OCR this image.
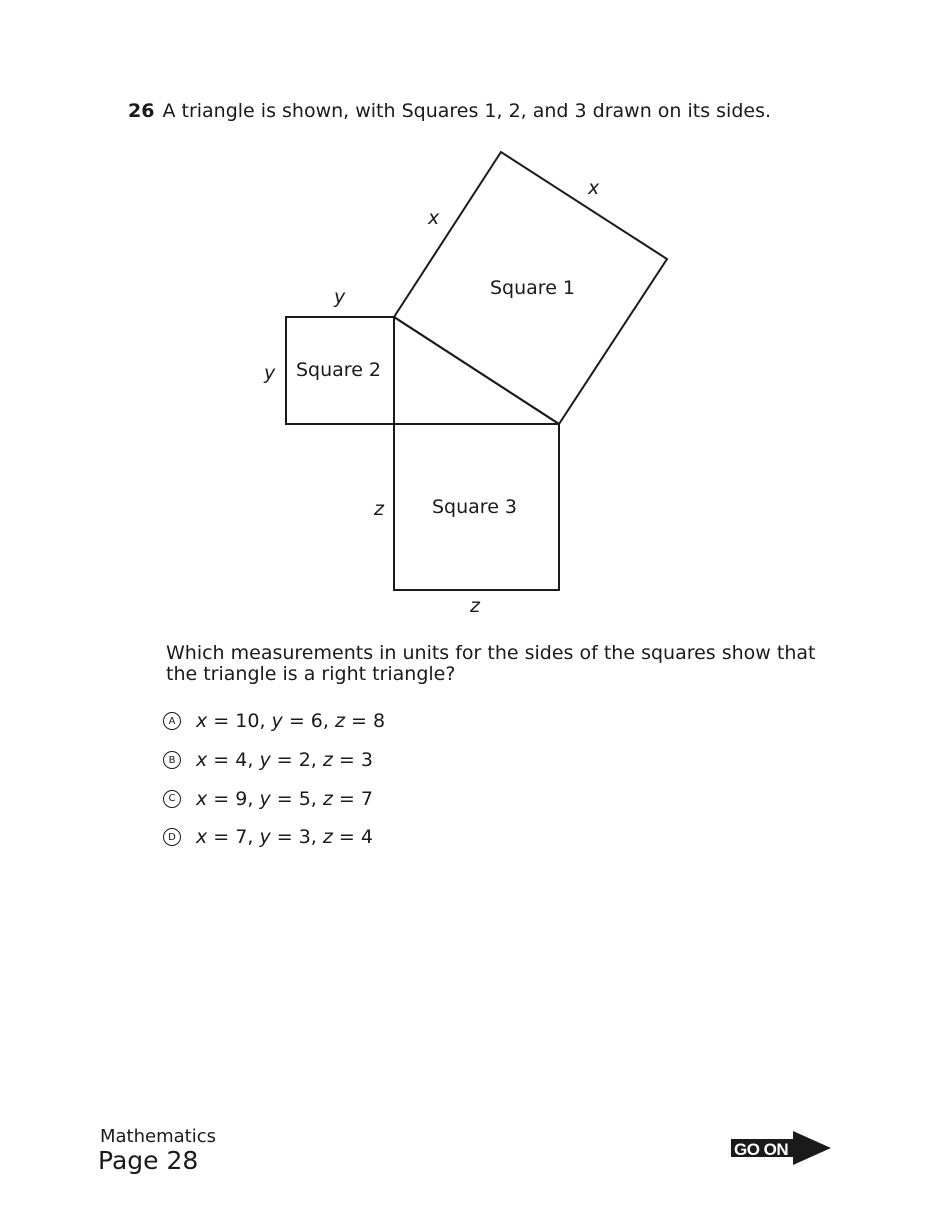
26 A triangle is shown, with Squares 1, 2, and 3 drawn on its sides.
Square 1
Square 2
Square 3
x
x
y
y
z
z
Which measurements in units for the sides of the squares show that the triangle is a right triangle?
A x = 10, y = 6, z = 8
B x = 4, y = 2, z = 3
C x = 9, y = 5, z = 7
D x = 7, y = 3, z = 4
Mathematics
Page 28	GO ON
